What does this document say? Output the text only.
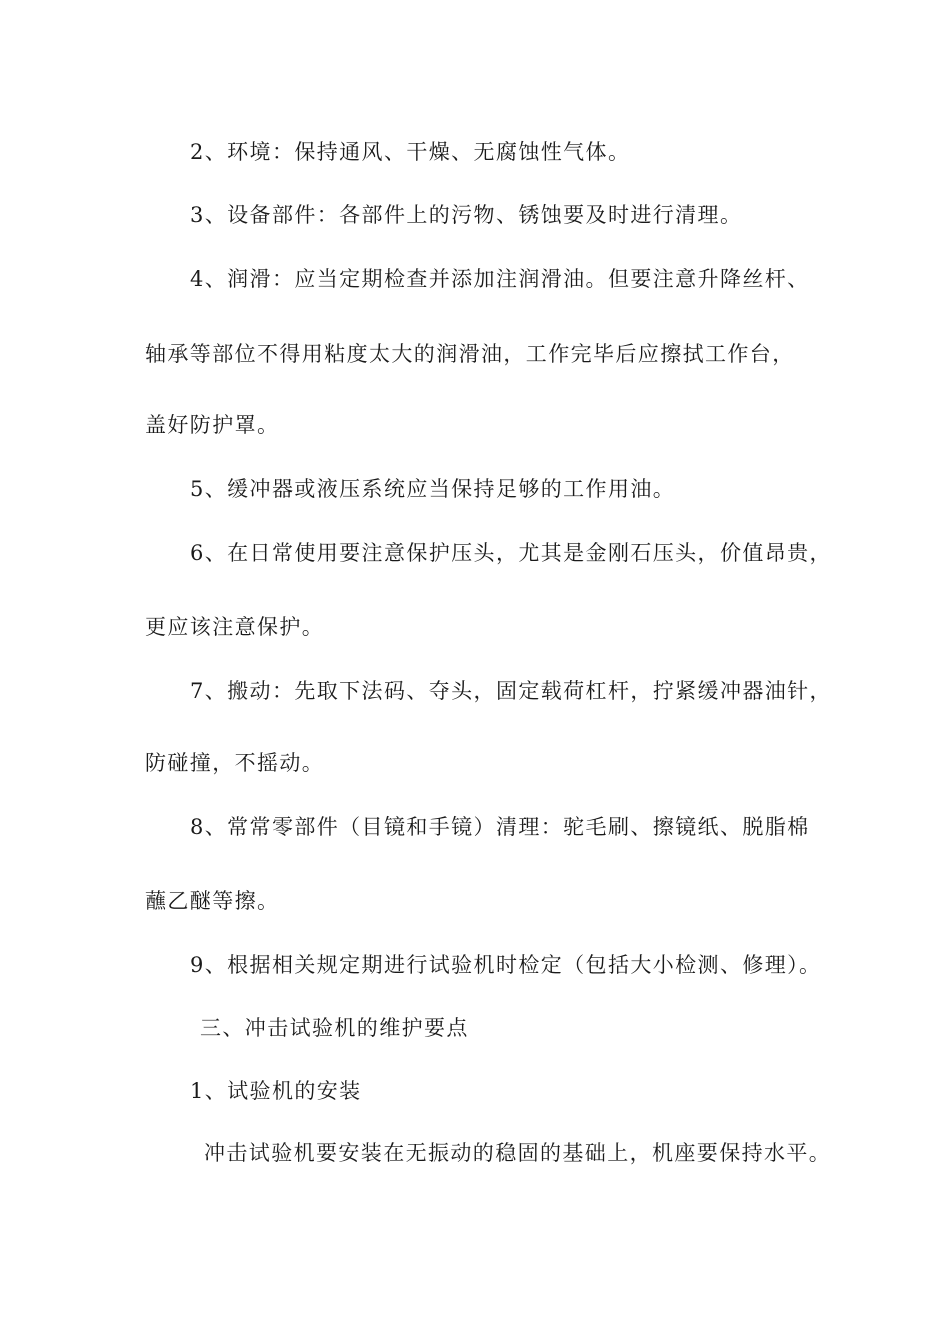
2、环境：保持通风、干燥、无腐蚀性气体。
3、设备部件：各部件上的污物、锈蚀要及时进行清理。
4、润滑：应当定期检查并添加注润滑油。但要注意升降丝杆、
轴承等部位不得用粘度太大的润滑油，工作完毕后应擦拭工作台，
盖好防护罩。
5、缓冲器或液压系统应当保持足够的工作用油。
6、在日常使用要注意保护压头，尤其是金刚石压头，价值昂贵，
更应该注意保护。
7、搬动：先取下法码、夺头，固定载荷杠杆，拧紧缓冲器油针，
防碰撞，不摇动。
8、常常零部件（目镜和手镜）清理：驼毛刷、擦镜纸、脱脂棉
蘸乙醚等擦。
9、根据相关规定期进行试验机时检定（包括大小检测、修理）。
三、冲击试验机的维护要点
1、试验机的安装
冲击试验机要安装在无振动的稳固的基础上，机座要保持水平。
